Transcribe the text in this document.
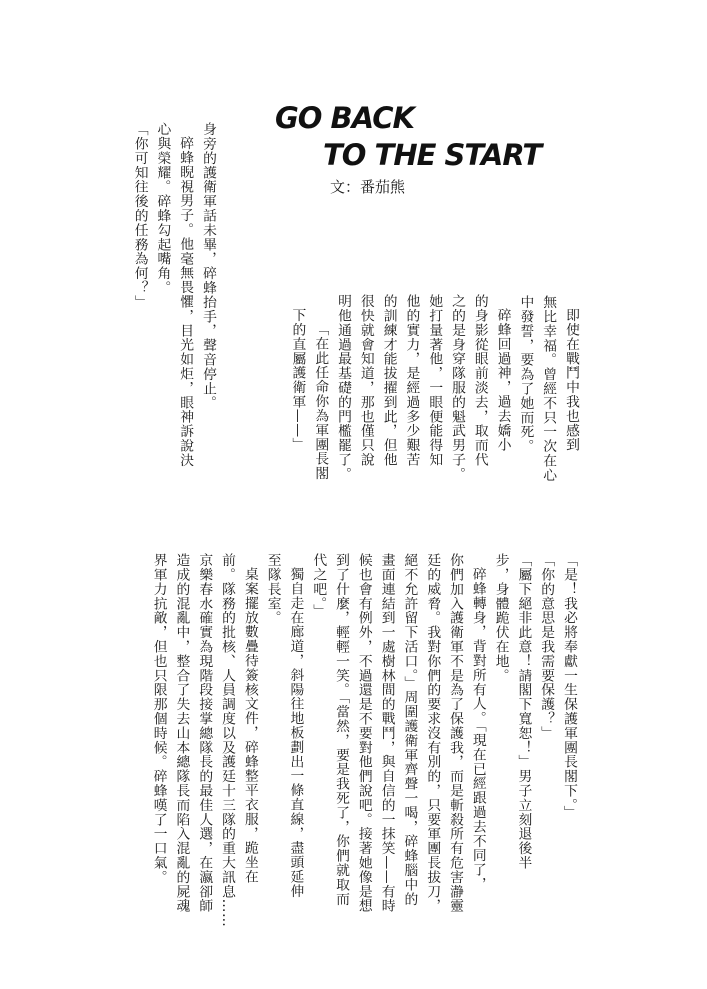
GO BACK
TO THE START
文：番茄熊

即使在戰鬥中我也感到

無比幸福。曾經不只一次在心

中發誓，要為了她而死。

碎蜂回過神，過去嬌小

的身影從眼前淡去，取而代

之的是身穿隊服的魁武男子。

她打量著他，一眼便能得知

他的實力，是經過多少艱苦

的訓練才能拔擢到此，但他

很快就會知道，那也僅只說

明他通過最基礎的門檻罷了。

「在此任命你為軍團長閣

下的直屬護衛軍——」

身旁的護衛軍話未畢，碎蜂抬手，聲音停止。

碎蜂睨視男子。他毫無畏懼，目光如炬，眼神訴說決

心與榮耀。碎蜂勾起嘴角。

「你可知往後的任務為何？」

「是！我必將奉獻一生保護軍團長閣下。」

「你的意思是我需要保護？」

「屬下絕非此意！請閣下寬恕！」男子立刻退後半

步，身體跪伏在地。

碎蜂轉身，背對所有人。「現在已經跟過去不同了，

你們加入護衛軍不是為了保護我，而是斬殺所有危害瀞靈

廷的威脅。我對你們的要求沒有別的，只要軍團長拔刀，

絕不允許留下活口。」周圍護衛軍齊聲一喝，碎蜂腦中的

畫面連結到一處樹林間的戰鬥，與自信的一抹笑——有時

候也會有例外，不過還是不要對他們說吧。接著她像是想

到了什麼，輕輕一笑。「當然，要是我死了，你們就取而

代之吧。」

獨自走在廊道，斜陽往地板劃出一條直線，盡頭延伸

至隊長室。

桌案擺放數疊待簽核文件，碎蜂整平衣服，跪坐在

前。隊務的批核、人員調度以及護廷十三隊的重大訊息……

京樂春水確實為現階段接掌總隊長的最佳人選，在瀛卻師

造成的混亂中，整合了失去山本總隊長而陷入混亂的屍魂

界軍力抗敵，但也只限那個時候。碎蜂嘆了一口氣。
